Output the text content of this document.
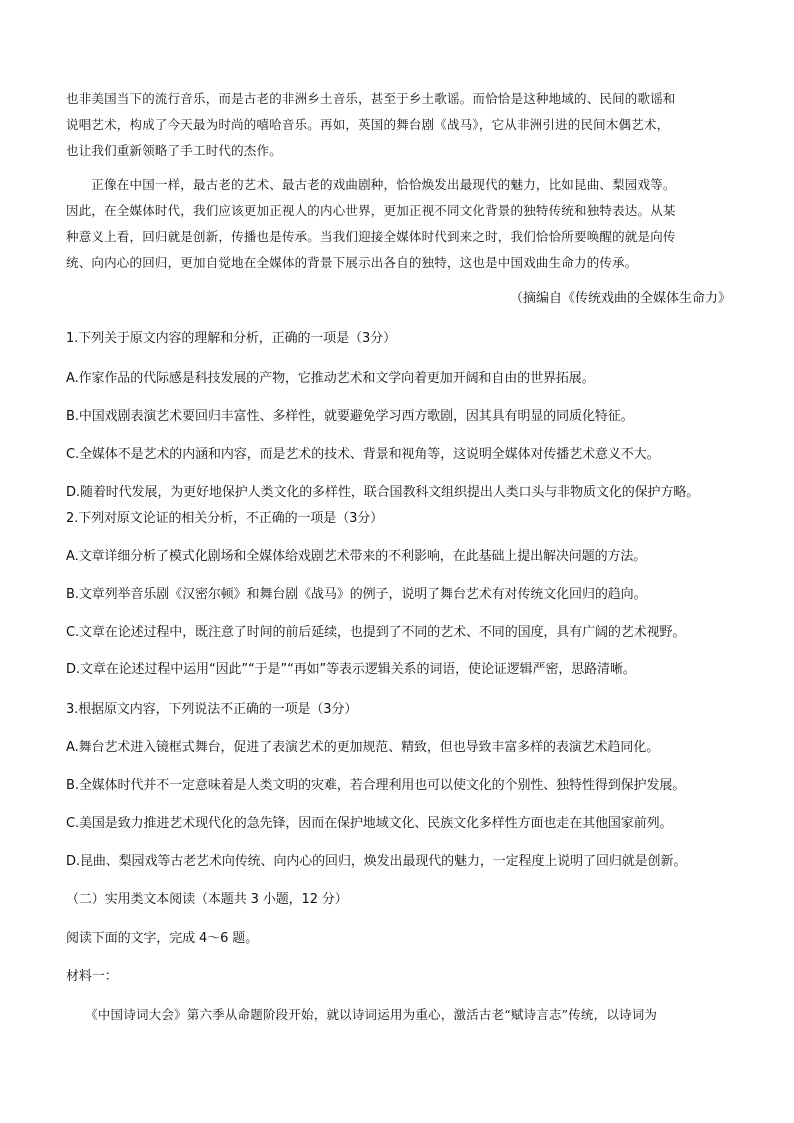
也非美国当下的流行音乐，而是古老的非洲乡土音乐，甚至于乡土歌谣。而恰恰是这种地域的、民间的歌谣和
说唱艺术，构成了今天最为时尚的嘻哈音乐。再如，英国的舞台剧《战马》，它从非洲引进的民间木偶艺术，
也让我们重新领略了手工时代的杰作。
　　正像在中国一样，最古老的艺术、最古老的戏曲剧种，恰恰焕发出最现代的魅力，比如昆曲、梨园戏等。
因此，在全媒体时代，我们应该更加正视人的内心世界，更加正视不同文化背景的独特传统和独特表达。从某
种意义上看，回归就是创新，传播也是传承。当我们迎接全媒体时代到来之时，我们恰恰所要唤醒的就是向传
统、向内心的回归，更加自觉地在全媒体的背景下展示出各自的独特，这也是中国戏曲生命力的传承。
（摘编自《传统戏曲的全媒体生命力》
1.下列关于原文内容的理解和分析，正确的一项是（3分）
A.作家作品的代际感是科技发展的产物，它推动艺术和文学向着更加开阔和自由的世界拓展。
B.中国戏剧表演艺术要回归丰富性、多样性，就要避免学习西方歌剧，因其具有明显的同质化特征。
C.全媒体不是艺术的内涵和内容，而是艺术的技术、背景和视角等，这说明全媒体对传播艺术意义不大。
D.随着时代发展，为更好地保护人类文化的多样性，联合国教科文组织提出人类口头与非物质文化的保护方略。
2.下列对原文论证的相关分析，不正确的一项是（3分）
A.文章详细分析了模式化剧场和全媒体给戏剧艺术带来的不利影响，在此基础上提出解决问题的方法。
B.文章列举音乐剧《汉密尔顿》和舞台剧《战马》的例子，说明了舞台艺术有对传统文化回归的趋向。
C.文章在论述过程中，既注意了时间的前后延续，也提到了不同的艺术、不同的国度，具有广阔的艺术视野。
D.文章在论述过程中运用“因此”“于是”“再如”等表示逻辑关系的词语，使论证逻辑严密，思路清晰。
3.根据原文内容，下列说法不正确的一项是（3分）
A.舞台艺术进入镜框式舞台，促进了表演艺术的更加规范、精致，但也导致丰富多样的表演艺术趋同化。
B.全媒体时代并不一定意味着是人类文明的灾难，若合理利用也可以使文化的个别性、独特性得到保护发展。
C.美国是致力推进艺术现代化的急先锋，因而在保护地域文化、民族文化多样性方面也走在其他国家前列。
D.昆曲、梨园戏等古老艺术向传统、向内心的回归，焕发出最现代的魅力，一定程度上说明了回归就是创新。
（二）实用类文本阅读（本题共 3 小题，12 分）
阅读下面的文字，完成 4～6 题。
材料一：
　　《中国诗词大会》第六季从命题阶段开始，就以诗词运用为重心，激活古老“赋诗言志”传统，以诗词为
